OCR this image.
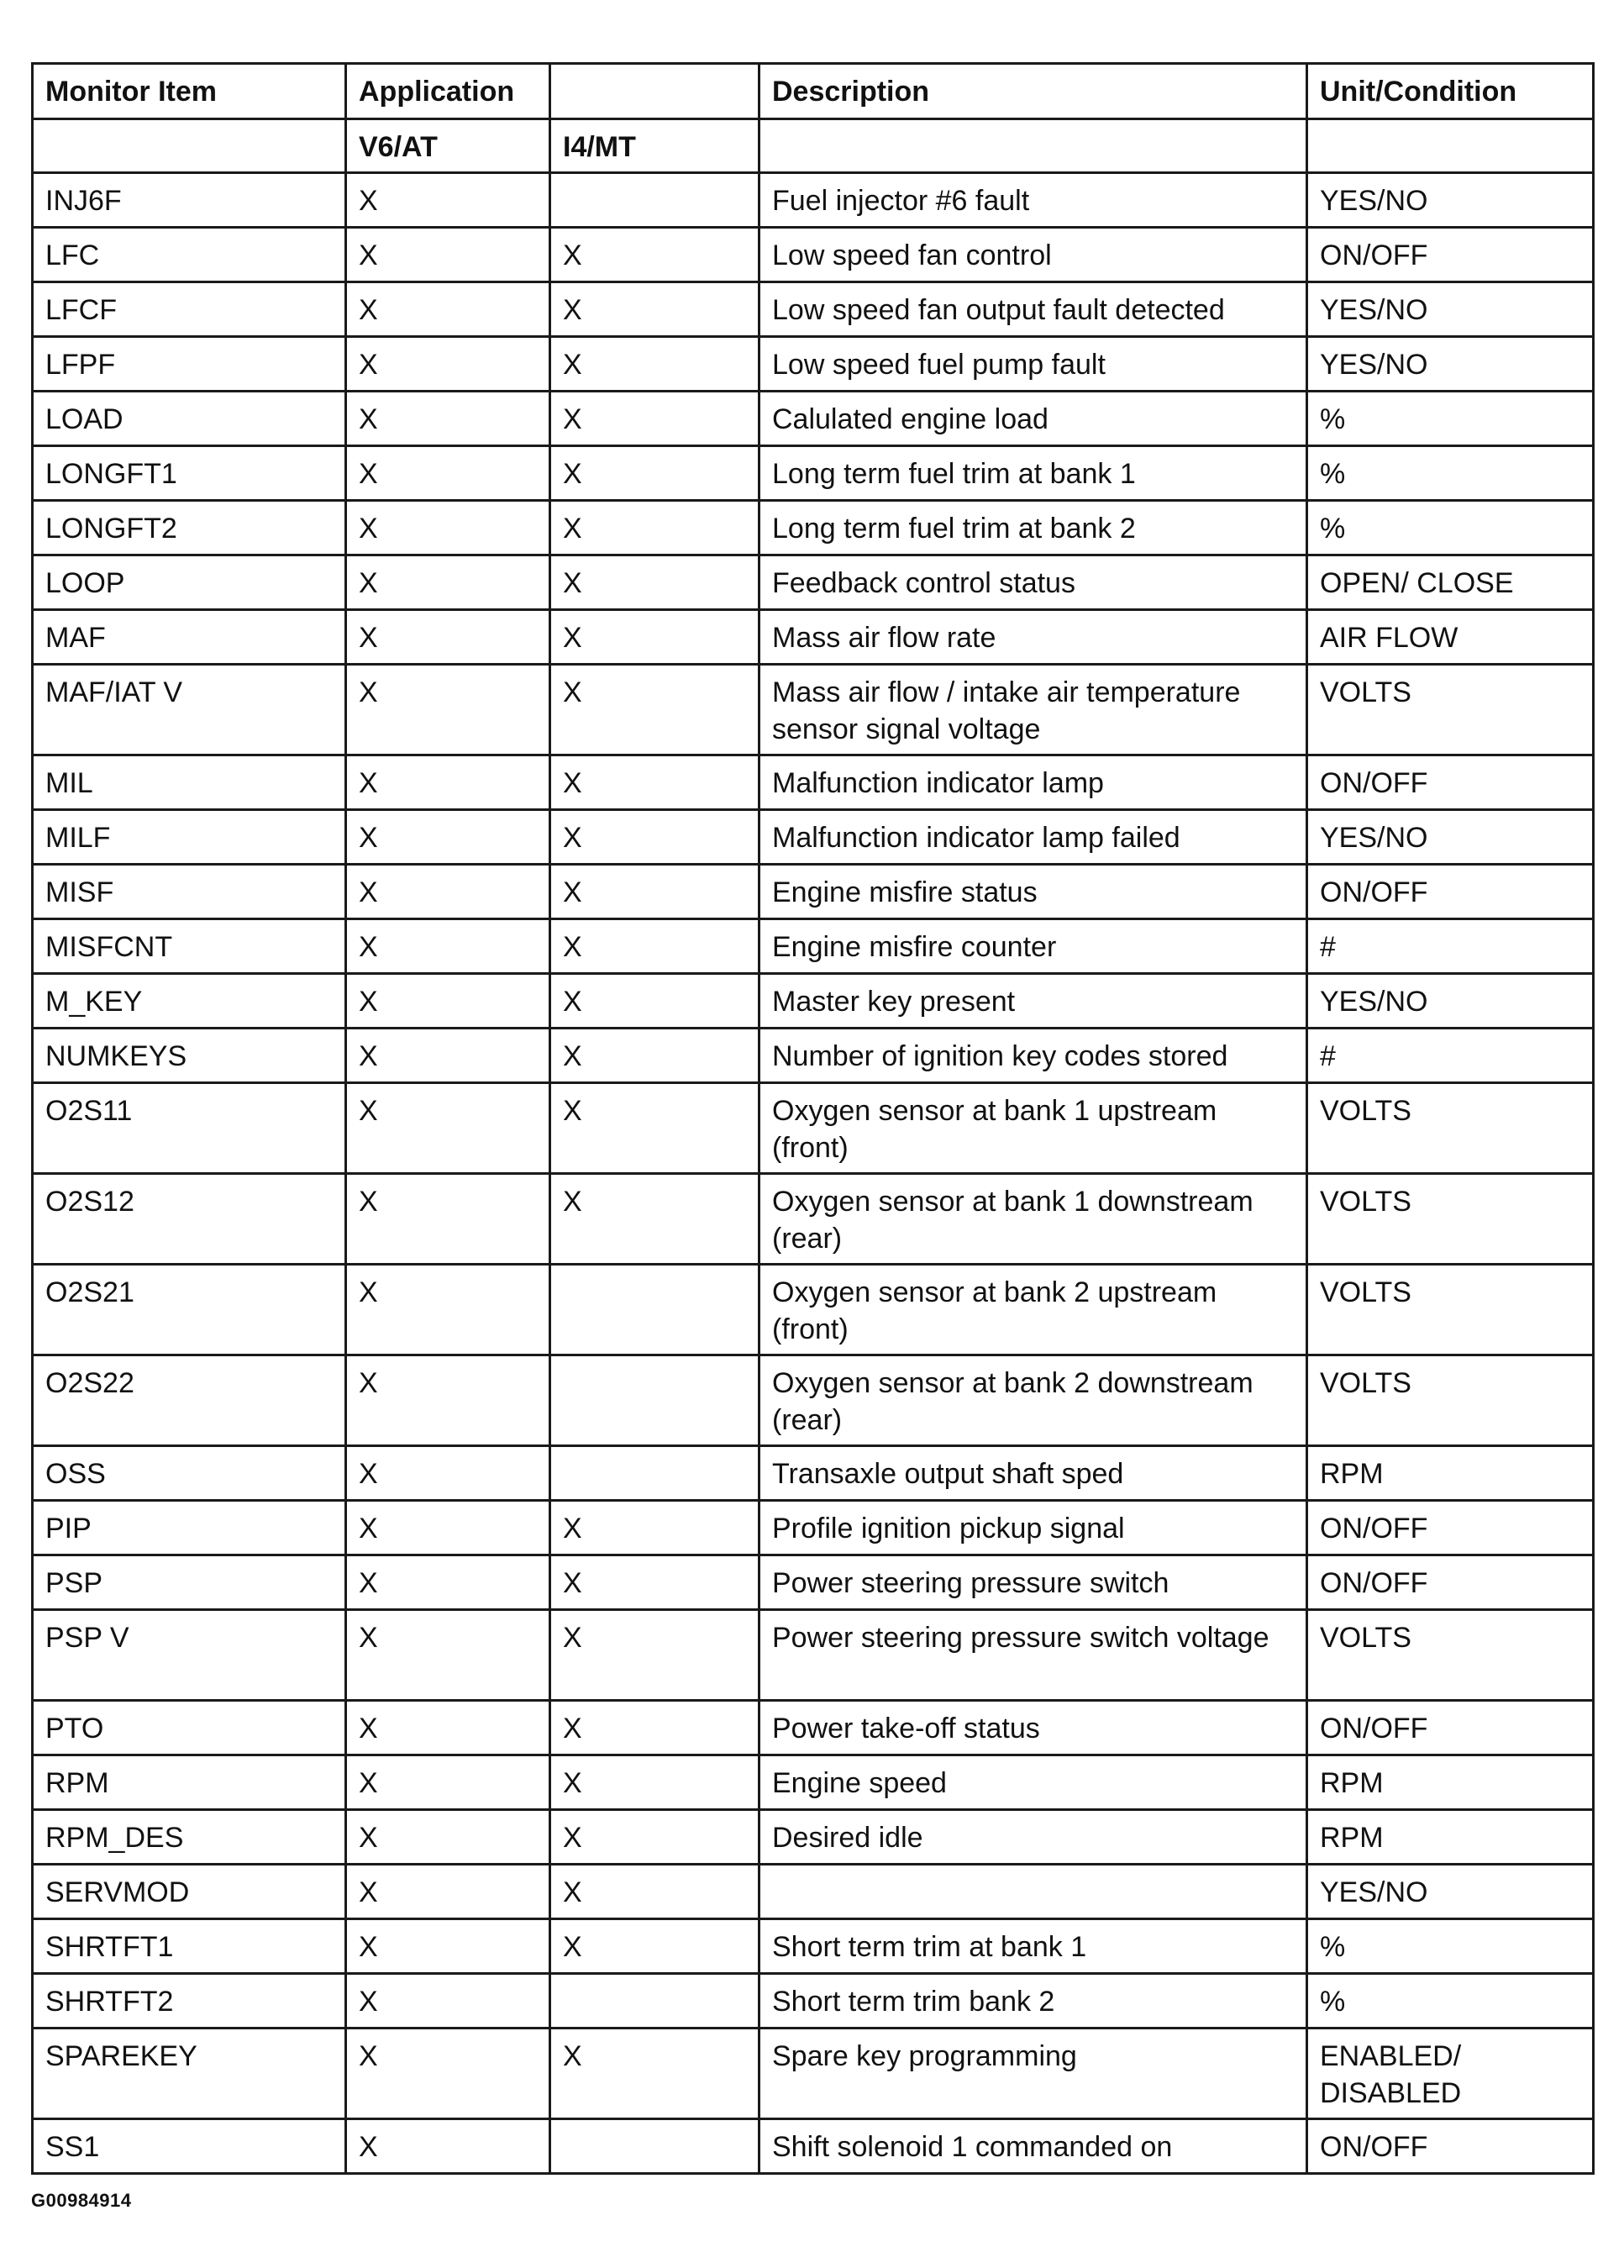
Monitor Item	Application		Description	Unit/Condition
	V6/AT	I4/MT		
INJ6F	X		Fuel injector #6 fault	YES/NO
LFC	X	X	Low speed fan control	ON/OFF
LFCF	X	X	Low speed fan output fault detected	YES/NO
LFPF	X	X	Low speed fuel pump fault	YES/NO
LOAD	X	X	Calulated engine load	%
LONGFT1	X	X	Long term fuel trim at bank 1	%
LONGFT2	X	X	Long term fuel trim at bank 2	%
LOOP	X	X	Feedback control status	OPEN/ CLOSE
MAF	X	X	Mass air flow rate	AIR FLOW
MAF/IAT V	X	X	Mass air flow / intake air temperature sensor signal voltage	VOLTS
MIL	X	X	Malfunction indicator lamp	ON/OFF
MILF	X	X	Malfunction indicator lamp failed	YES/NO
MISF	X	X	Engine misfire status	ON/OFF
MISFCNT	X	X	Engine misfire counter	#
M_KEY	X	X	Master key present	YES/NO
NUMKEYS	X	X	Number of ignition key codes stored	#
O2S11	X	X	Oxygen sensor at bank 1 upstream (front)	VOLTS
O2S12	X	X	Oxygen sensor at bank 1 downstream (rear)	VOLTS
O2S21	X		Oxygen sensor at bank 2 upstream (front)	VOLTS
O2S22	X		Oxygen sensor at bank 2 downstream (rear)	VOLTS
OSS	X		Transaxle output shaft sped	RPM
PIP	X	X	Profile ignition pickup signal	ON/OFF
PSP	X	X	Power steering pressure switch	ON/OFF
PSP V	X	X	Power steering pressure switch voltage	VOLTS
PTO	X	X	Power take-off status	ON/OFF
RPM	X	X	Engine speed	RPM
RPM_DES	X	X	Desired idle	RPM
SERVMOD	X	X		YES/NO
SHRTFT1	X	X	Short term trim at bank 1	%
SHRTFT2	X		Short term trim bank 2	%
SPAREKEY	X	X	Spare key programming	ENABLED/ DISABLED
SS1	X		Shift solenoid 1 commanded on	ON/OFF
G00984914
